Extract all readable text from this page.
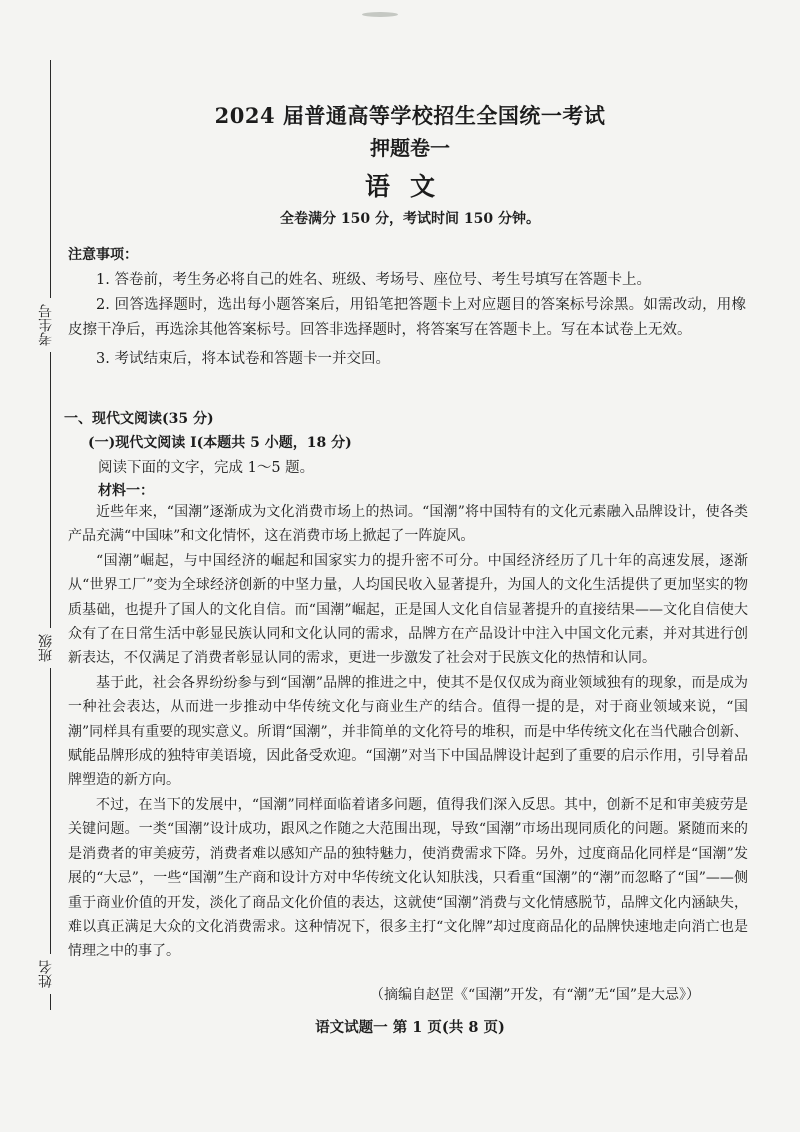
考生号
班级
姓名
2024 届普通高等学校招生全国统一考试
押题卷一
语文
全卷满分 150 分，考试时间 150 分钟。
注意事项：

1. 答卷前，考生务必将自己的姓名、班级、考场号、座位号、考生号填写在答题卡上。

2. 回答选择题时，选出每小题答案后，用铅笔把答题卡上对应题目的答案标号涂黑。如需改动，用橡皮擦干净后，再选涂其他答案标号。回答非选择题时，将答案写在答题卡上。写在本试卷上无效。

3. 考试结束后，将本试卷和答题卡一并交回。

一、现代文阅读(35 分)
(一)现代文阅读 Ⅰ(本题共 5 小题，18 分)
阅读下面的文字，完成 1～5 题。
材料一：

近些年来，“国潮”逐渐成为文化消费市场上的热词。“国潮”将中国特有的文化元素融入品牌设计，使各类产品充满“中国味”和文化情怀，这在消费市场上掀起了一阵旋风。

“国潮”崛起，与中国经济的崛起和国家实力的提升密不可分。中国经济经历了几十年的高速发展，逐渐从“世界工厂”变为全球经济创新的中坚力量，人均国民收入显著提升，为国人的文化生活提供了更加坚实的物质基础，也提升了国人的文化自信。而“国潮”崛起，正是国人文化自信显著提升的直接结果——文化自信使大众有了在日常生活中彰显民族认同和文化认同的需求，品牌方在产品设计中注入中国文化元素，并对其进行创新表达，不仅满足了消费者彰显认同的需求，更进一步激发了社会对于民族文化的热情和认同。

基于此，社会各界纷纷参与到“国潮”品牌的推进之中，使其不是仅仅成为商业领域独有的现象，而是成为一种社会表达，从而进一步推动中华传统文化与商业生产的结合。值得一提的是，对于商业领域来说，“国潮”同样具有重要的现实意义。所谓“国潮”，并非简单的文化符号的堆积，而是中华传统文化在当代融合创新、赋能品牌形成的独特审美语境，因此备受欢迎。“国潮”对当下中国品牌设计起到了重要的启示作用，引导着品牌塑造的新方向。

不过，在当下的发展中，“国潮”同样面临着诸多问题，值得我们深入反思。其中，创新不足和审美疲劳是关键问题。一类“国潮”设计成功，跟风之作随之大范围出现，导致“国潮”市场出现同质化的问题。紧随而来的是消费者的审美疲劳，消费者难以感知产品的独特魅力，使消费需求下降。另外，过度商品化同样是“国潮”发展的“大忌”，一些“国潮”生产商和设计方对中华传统文化认知肤浅，只看重“国潮”的“潮”而忽略了“国”——侧重于商业价值的开发，淡化了商品文化价值的表达，这就使“国潮”消费与文化情感脱节，品牌文化内涵缺失，难以真正满足大众的文化消费需求。这种情况下，很多主打“文化牌”却过度商品化的品牌快速地走向消亡也是情理之中的事了。

（摘编自赵罡《“国潮”开发，有“潮”无“国”是大忌》）
语文试题一 第 1 页(共 8 页)
